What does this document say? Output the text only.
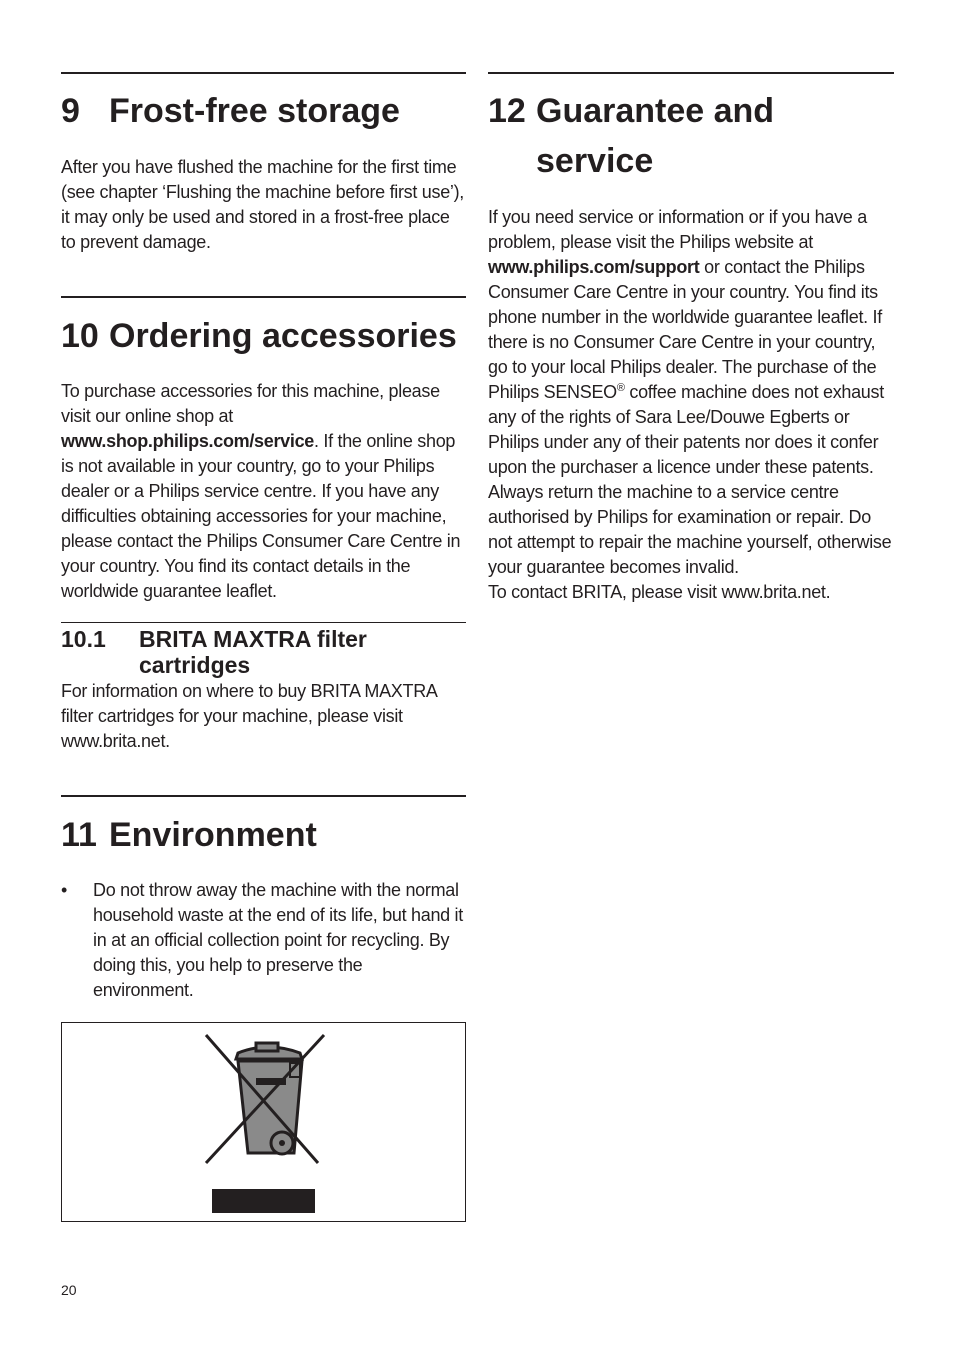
9 Frost-free storage

After you have flushed the machine for the first time (see chapter ‘Flushing the machine before first use’), it may only be used and stored in a frost-free place to prevent damage.

10 Ordering accessories

To purchase accessories for this machine, please visit our online shop at www.shop.philips.com/service. If the online shop is not available in your country, go to your Philips dealer or a Philips service centre. If you have any difficulties obtaining accessories for your machine, please contact the Philips Consumer Care Centre in your country. You find its contact details in the worldwide guarantee leaflet.

10.1 BRITA MAXTRA filter cartridges

For information on where to buy BRITA MAXTRA filter cartridges for your machine, please visit www.brita.net.

11 Environment
• Do not throw away the machine with the normal household waste at the end of its life, but hand it in at an official collection point for recycling. By doing this, you help to preserve the environment.
12 Guarantee and
service
If you need service or information or if you have a problem, please visit the Philips website at www.philips.com/support or contact the Philips Consumer Care Centre in your country. You find its phone number in the worldwide guarantee leaflet. If there is no Consumer Care Centre in your country, go to your local Philips dealer. The purchase of the Philips SENSEO® coffee machine does not exhaust any of the rights of Sara Lee/Douwe Egberts or Philips under any of their patents nor does it confer upon the purchaser a licence under these patents.
Always return the machine to a service centre authorised by Philips for examination or repair. Do not attempt to repair the machine yourself, otherwise your guarantee becomes invalid.
To contact BRITA, please visit www.brita.net.
20
